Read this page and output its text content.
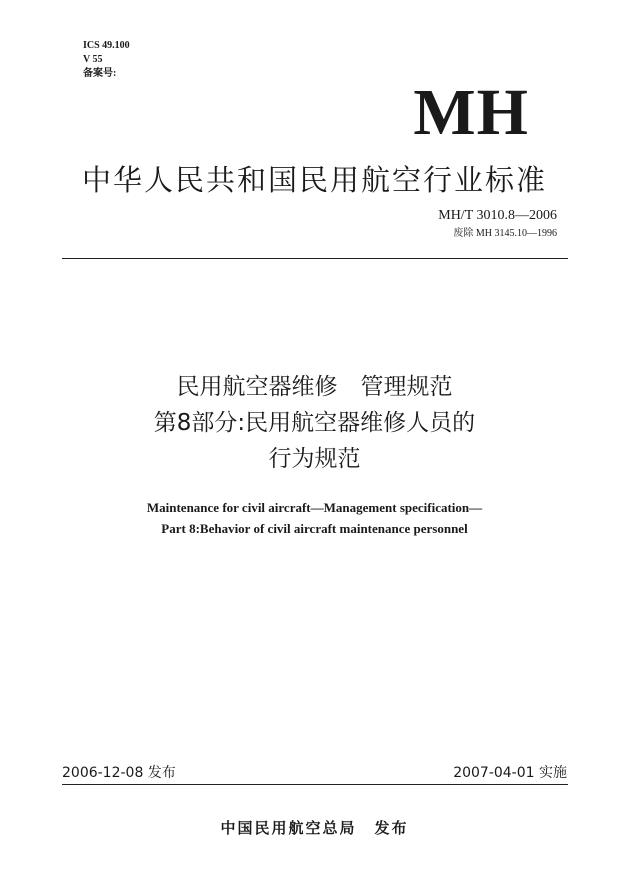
ICS 49.100
V 55
备案号:
MH
中华人民共和国民用航空行业标准
MH/T 3010.8—2006
废除 MH 3145.10—1996
民用航空器维修　管理规范
第8部分:民用航空器维修人员的
行为规范
Maintenance for civil aircraft—Management specification—
Part 8:Behavior of civil aircraft maintenance personnel
2006-12-08 发布	2007-04-01 实施
中国民用航空总局 发布
